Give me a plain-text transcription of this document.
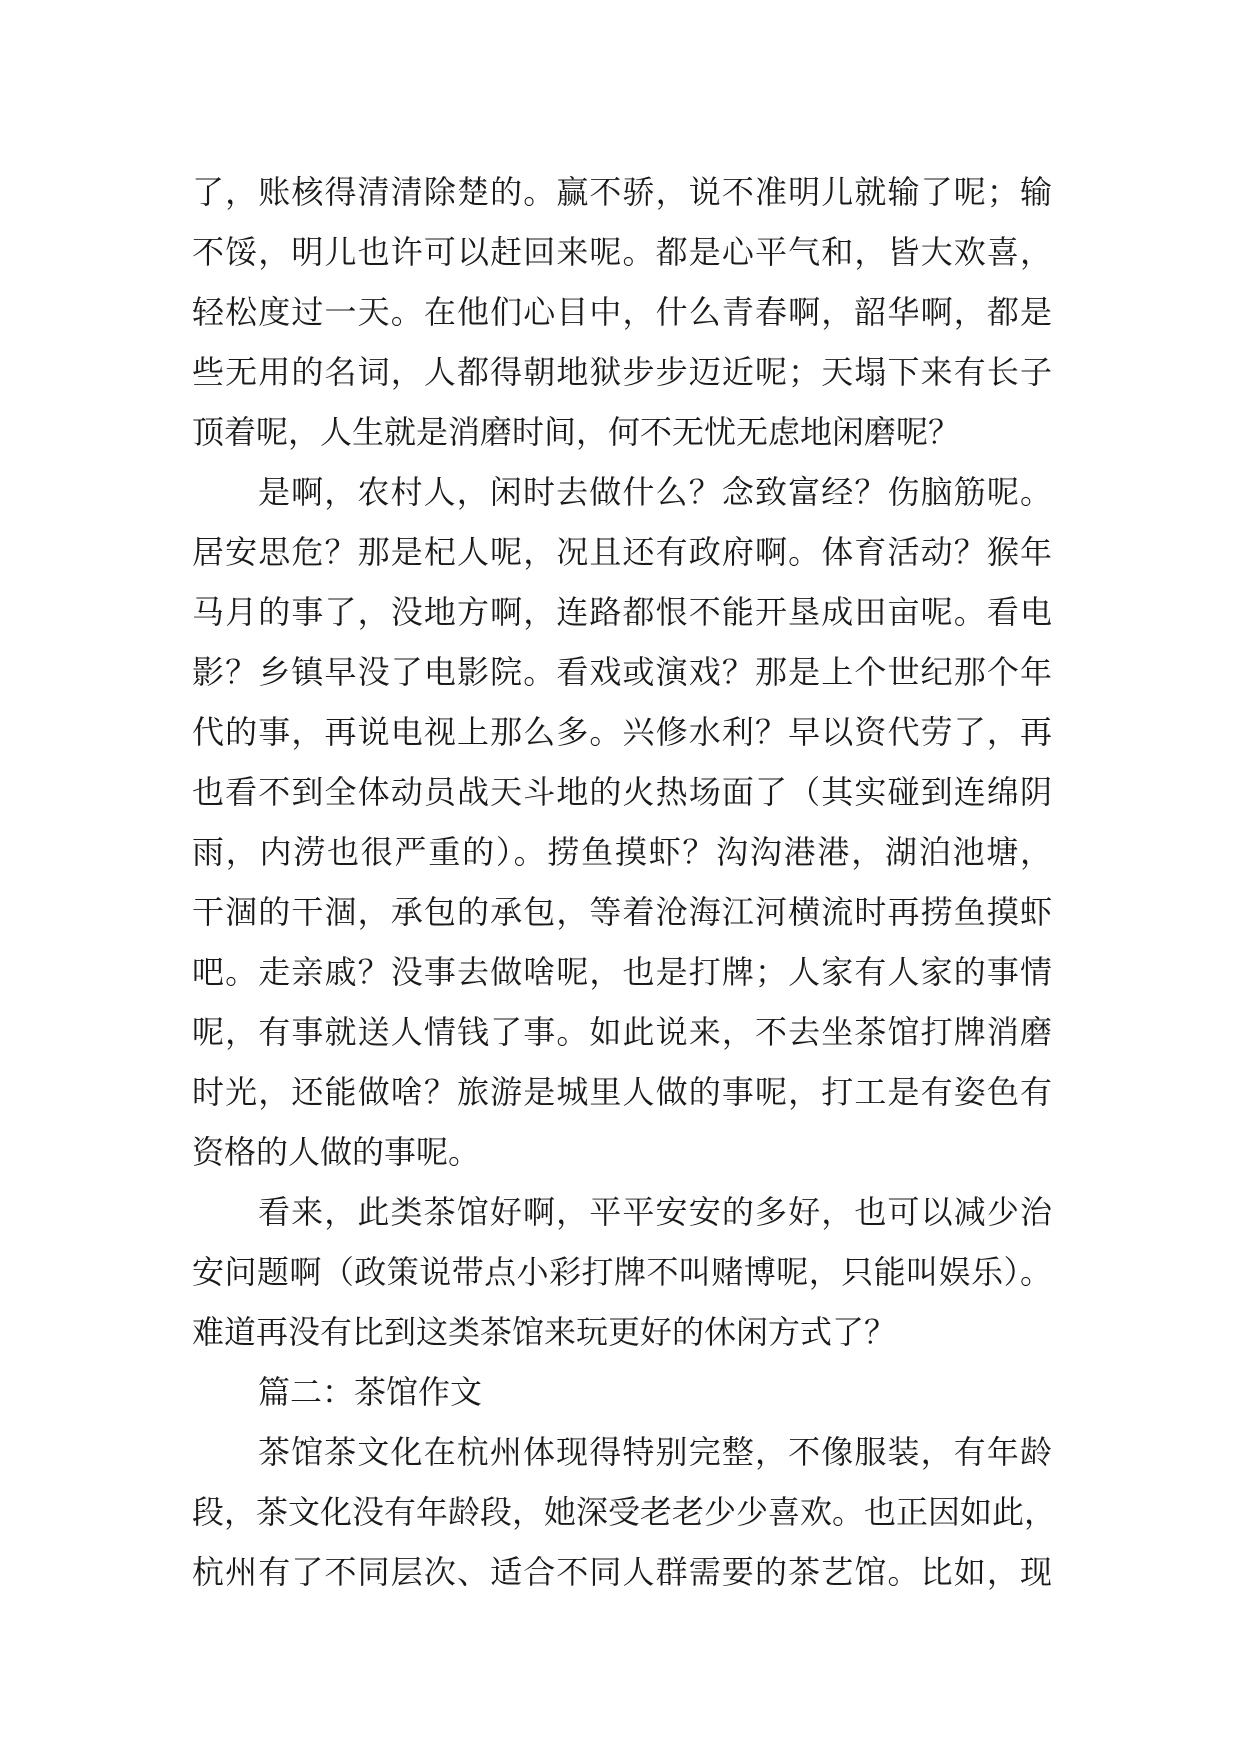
了，账核得清清除楚的。赢不骄，说不准明儿就输了呢；输
不馁，明儿也许可以赶回来呢。都是心平气和，皆大欢喜，
轻松度过一天。在他们心目中，什么青春啊，韶华啊，都是
些无用的名词，人都得朝地狱步步迈近呢；天塌下来有长子
顶着呢，人生就是消磨时间，何不无忧无虑地闲磨呢？
是啊，农村人，闲时去做什么？念致富经？伤脑筋呢。
居安思危？那是杞人呢，况且还有政府啊。体育活动？猴年
马月的事了，没地方啊，连路都恨不能开垦成田亩呢。看电
影？乡镇早没了电影院。看戏或演戏？那是上个世纪那个年
代的事，再说电视上那么多。兴修水利？早以资代劳了，再
也看不到全体动员战天斗地的火热场面了（其实碰到连绵阴
雨，内涝也很严重的）。捞鱼摸虾？沟沟港港，湖泊池塘，
干涸的干涸，承包的承包，等着沧海江河横流时再捞鱼摸虾
吧。走亲戚？没事去做啥呢，也是打牌；人家有人家的事情
呢，有事就送人情钱了事。如此说来，不去坐茶馆打牌消磨
时光，还能做啥？旅游是城里人做的事呢，打工是有姿色有
资格的人做的事呢。
看来，此类茶馆好啊，平平安安的多好，也可以减少治
安问题啊（政策说带点小彩打牌不叫赌博呢，只能叫娱乐）。
难道再没有比到这类茶馆来玩更好的休闲方式了？
篇二：茶馆作文
茶馆茶文化在杭州体现得特别完整，不像服装，有年龄
段，茶文化没有年龄段，她深受老老少少喜欢。也正因如此，
杭州有了不同层次、适合不同人群需要的茶艺馆。比如，现
